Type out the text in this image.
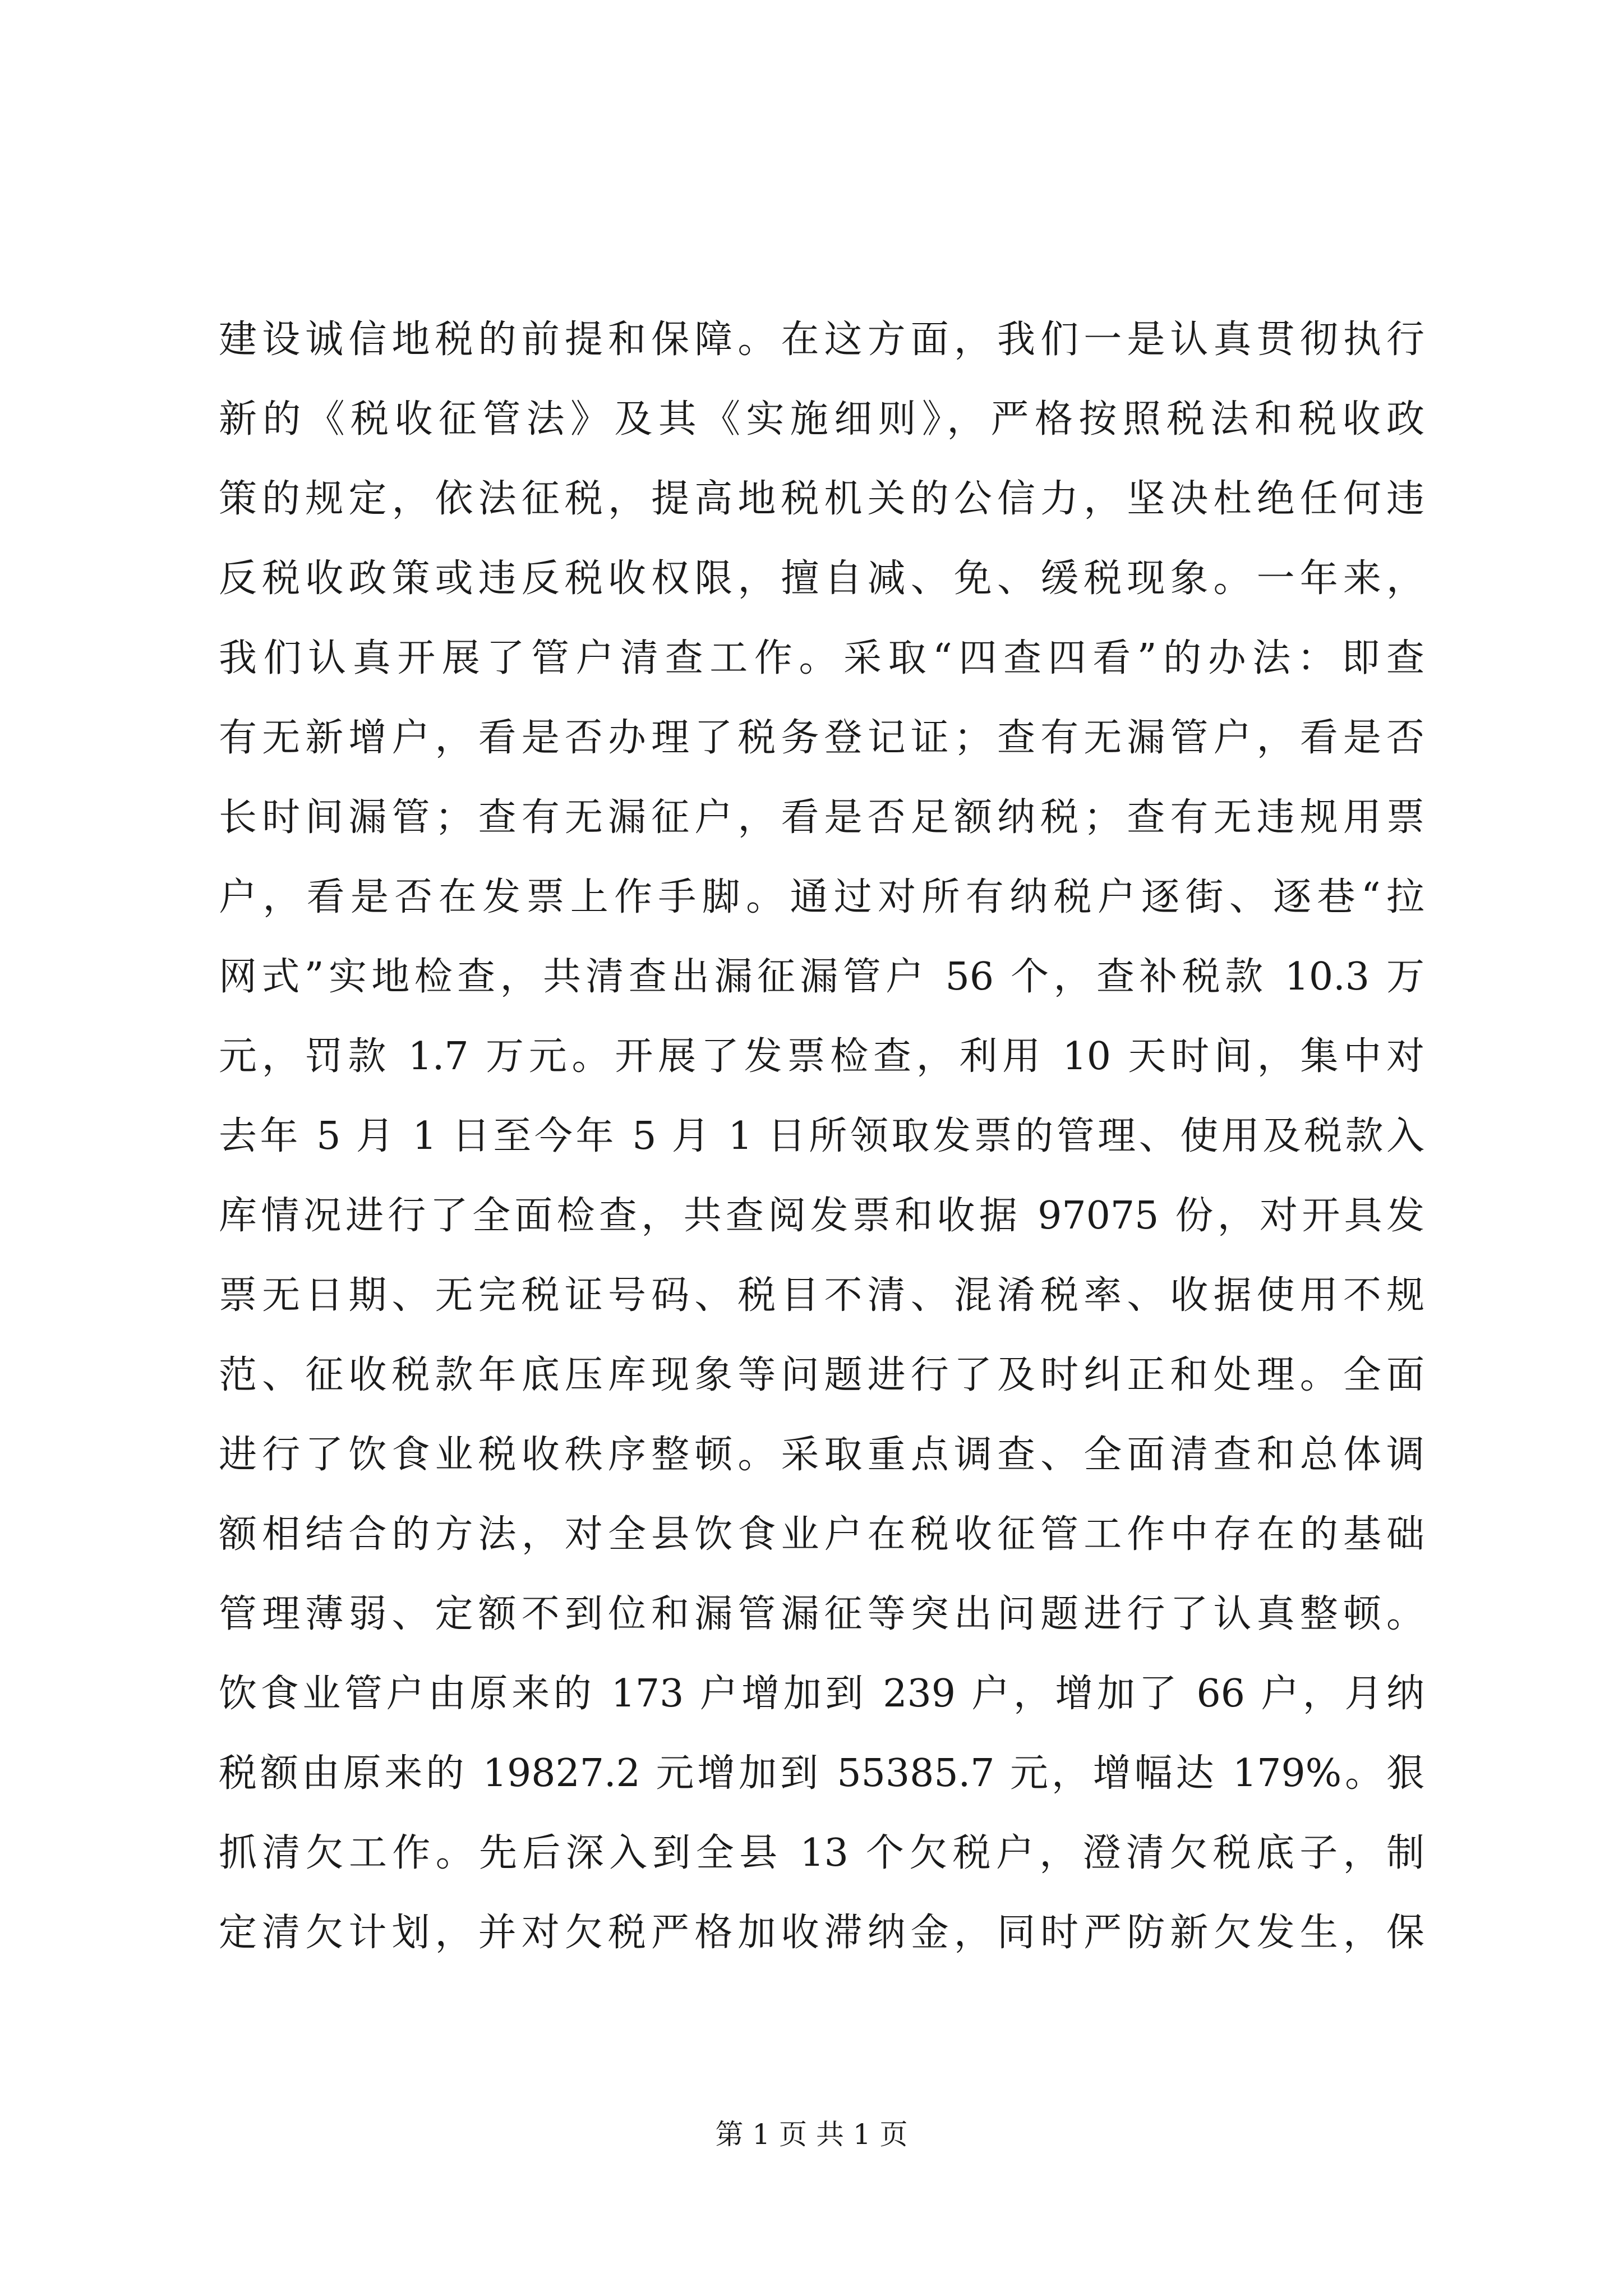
建设诚信地税的前提和保障。在这方面，我们一是认真贯彻执行
新的《税收征管法》及其《实施细则》，严格按照税法和税收政
策的规定，依法征税，提高地税机关的公信力，坚决杜绝任何违
反税收政策或违反税收权限，擅自减、免、缓税现象。一年来，
我们认真开展了管户清查工作。采取“四查四看”的办法：即查
有无新增户，看是否办理了税务登记证；查有无漏管户，看是否
长时间漏管；查有无漏征户，看是否足额纳税；查有无违规用票
户，看是否在发票上作手脚。通过对所有纳税户逐街、逐巷“拉
网式”实地检查，共清查出漏征漏管户 56 个，查补税款 10.3 万
元，罚款 1.7 万元。开展了发票检查，利用 10 天时间，集中对
去年 5 月 1 日至今年 5 月 1 日所领取发票的管理、使用及税款入
库情况进行了全面检查，共查阅发票和收据 97075 份，对开具发
票无日期、无完税证号码、税目不清、混淆税率、收据使用不规
范、征收税款年底压库现象等问题进行了及时纠正和处理。全面
进行了饮食业税收秩序整顿。采取重点调查、全面清查和总体调
额相结合的方法，对全县饮食业户在税收征管工作中存在的基础
管理薄弱、定额不到位和漏管漏征等突出问题进行了认真整顿。
饮食业管户由原来的 173 户增加到 239 户，增加了 66 户，月纳
税额由原来的 19827.2 元增加到 55385.7 元，增幅达 179%。狠
抓清欠工作。先后深入到全县 13 个欠税户，澄清欠税底子，制
定清欠计划，并对欠税严格加收滞纳金，同时严防新欠发生，保
第 1 页 共 1 页
